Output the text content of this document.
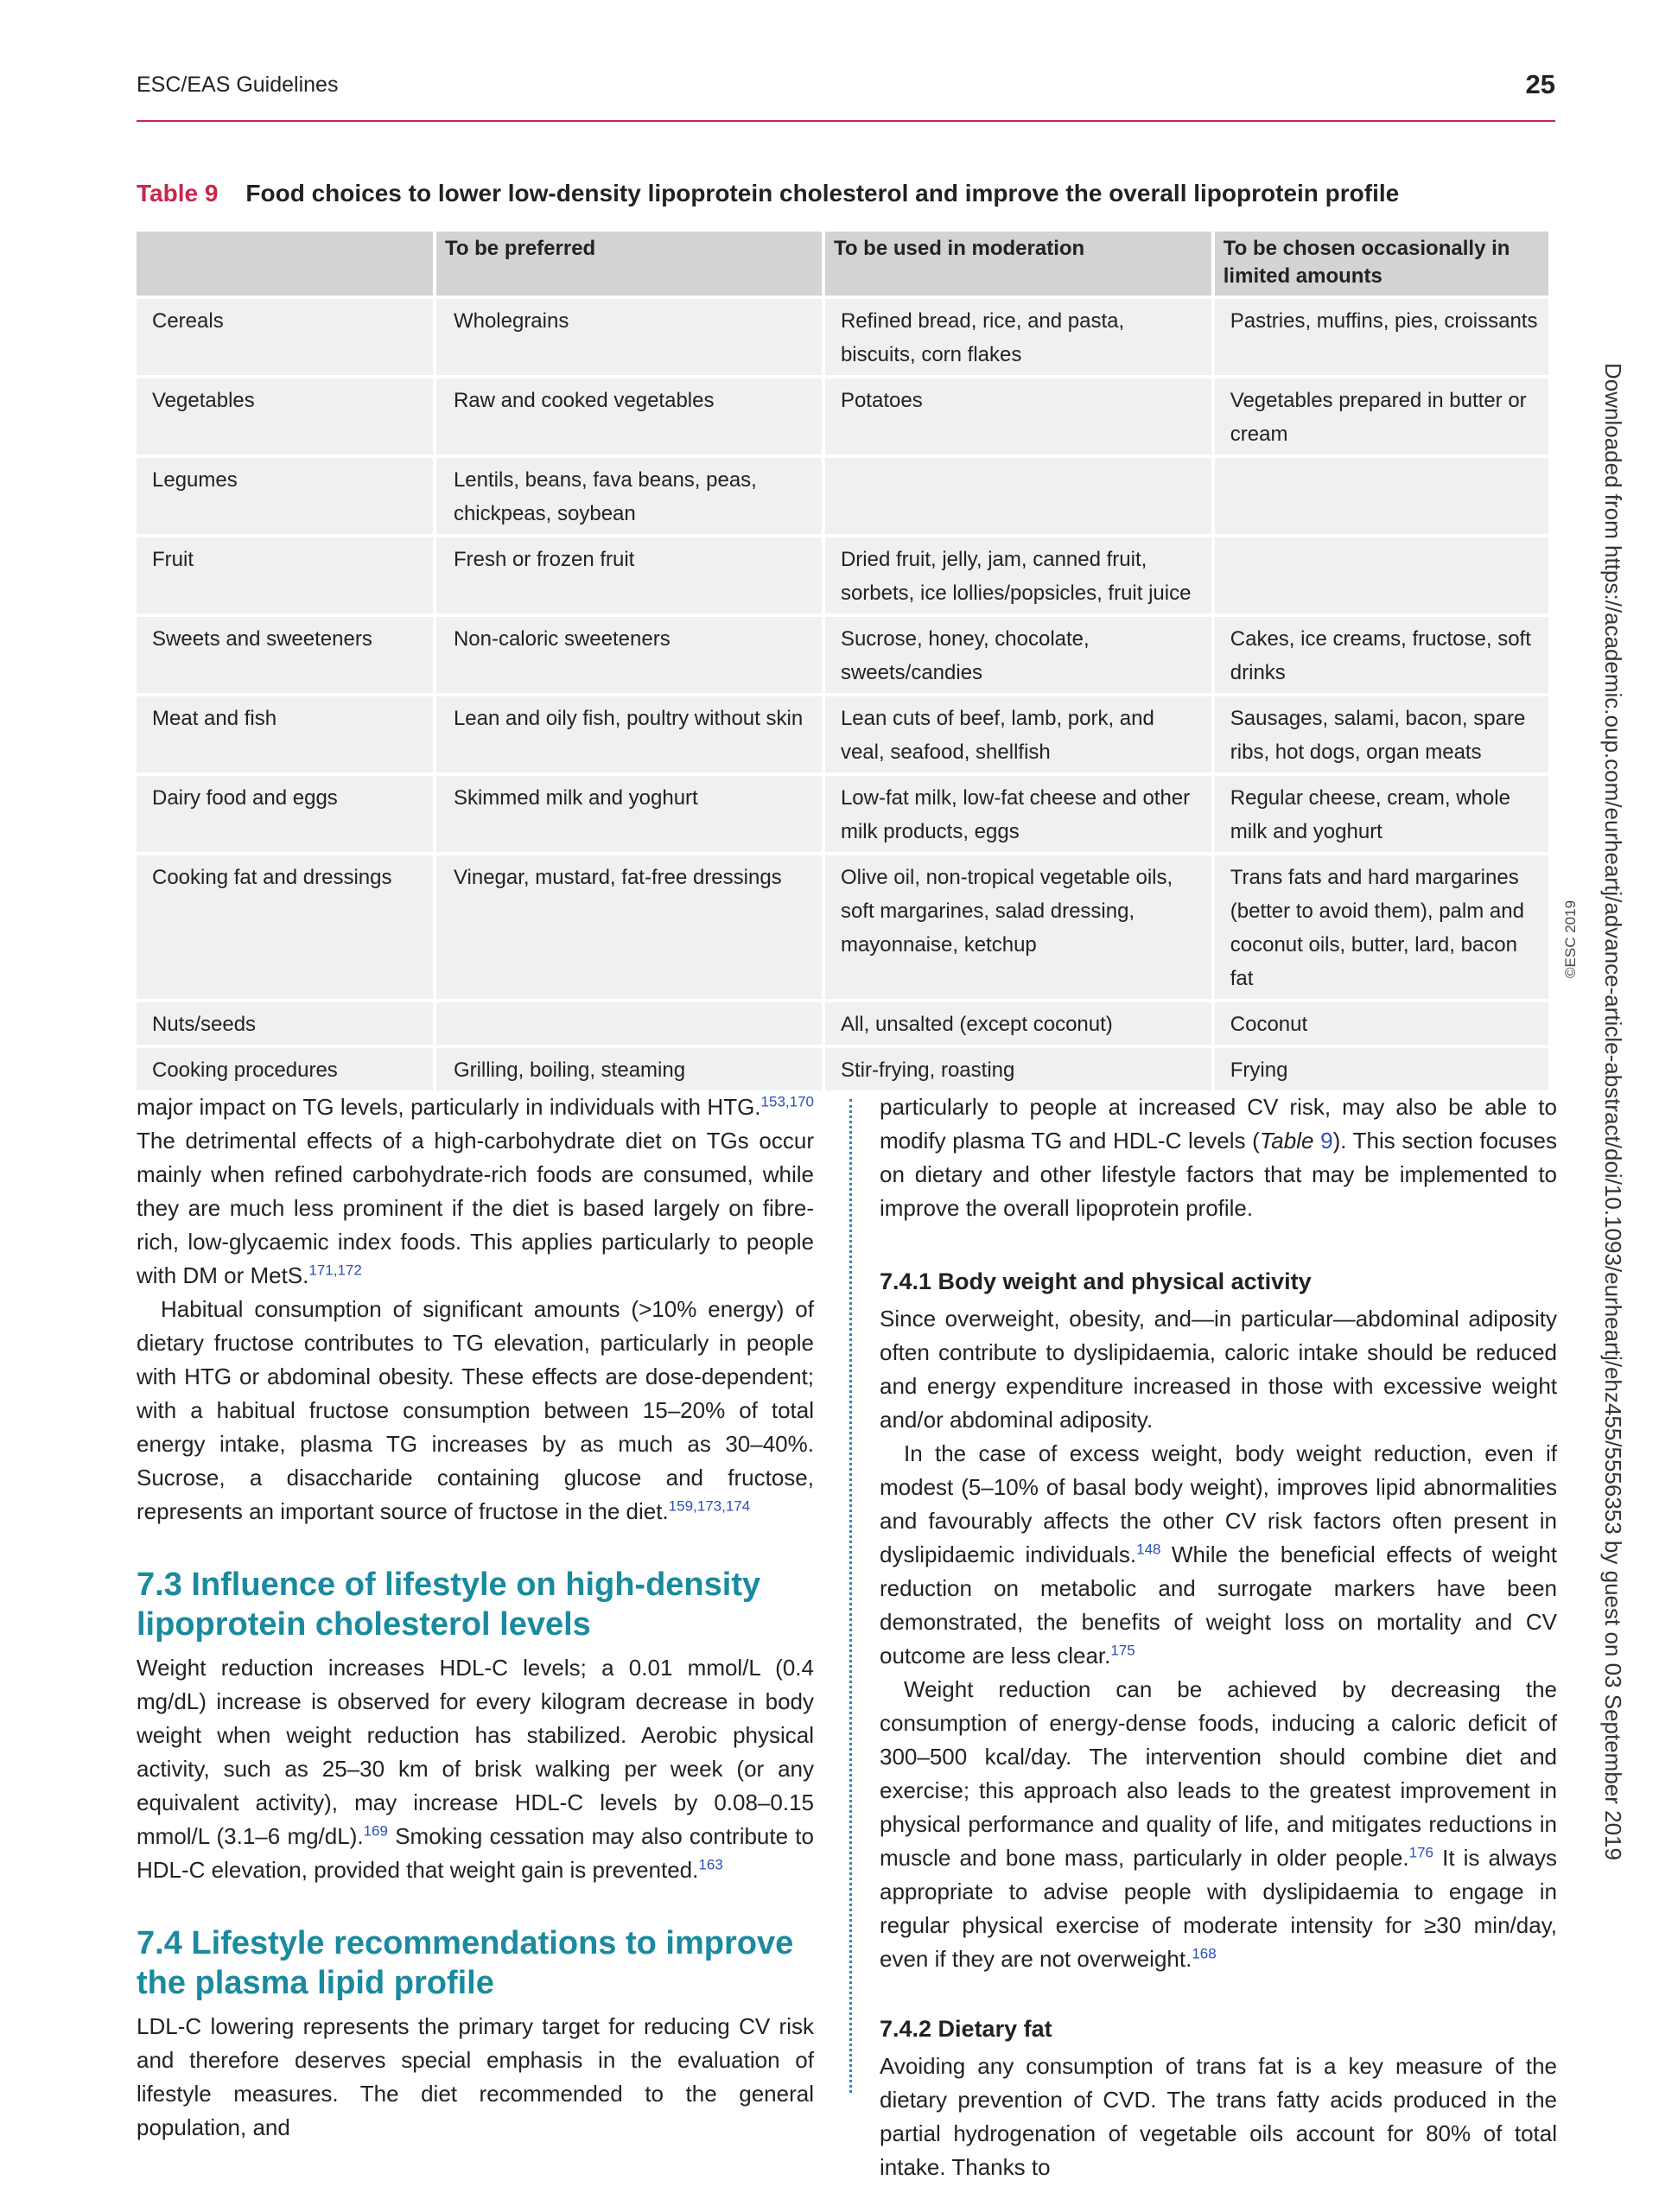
ESC/EAS Guidelines	25
Table 9 Food choices to lower low-density lipoprotein cholesterol and improve the overall lipoprotein profile
	To be preferred	To be used in moderation	To be chosen occasionally in limited amounts
Cereals	Wholegrains	Refined bread, rice, and pasta, biscuits, corn flakes	Pastries, muffins, pies, croissants
Vegetables	Raw and cooked vegetables	Potatoes	Vegetables prepared in butter or cream
Legumes	Lentils, beans, fava beans, peas, chickpeas, soybean		
Fruit	Fresh or frozen fruit	Dried fruit, jelly, jam, canned fruit, sorbets, ice lollies/popsicles, fruit juice	
Sweets and sweeteners	Non-caloric sweeteners	Sucrose, honey, chocolate, sweets/candies	Cakes, ice creams, fructose, soft drinks
Meat and fish	Lean and oily fish, poultry without skin	Lean cuts of beef, lamb, pork, and veal, seafood, shellfish	Sausages, salami, bacon, spare ribs, hot dogs, organ meats
Dairy food and eggs	Skimmed milk and yoghurt	Low-fat milk, low-fat cheese and other milk products, eggs	Regular cheese, cream, whole milk and yoghurt
Cooking fat and dressings	Vinegar, mustard, fat-free dressings	Olive oil, non-tropical vegetable oils, soft margarines, salad dressing, mayonnaise, ketchup	Trans fats and hard margarines (better to avoid them), palm and coconut oils, butter, lard, bacon fat
Nuts/seeds		All, unsalted (except coconut)	Coconut
Cooking procedures	Grilling, boiling, steaming	Stir-frying, roasting	Frying
©ESC 2019 Downloaded from https://academic.oup.com/eurheartj/advance-article-abstract/doi/10.1093/eurheartj/ehz455/5556353 by guest on 03 September 2019

major impact on TG levels, particularly in individuals with HTG.$^{153,170}$ The detrimental effects of a high-carbohydrate diet on TGs occur mainly when refined carbohydrate-rich foods are consumed, while they are much less prominent if the diet is based largely on fibre-rich, low-glycaemic index foods. This applies particularly to people with DM or MetS.$^{171,172}$

Habitual consumption of significant amounts (>10% energy) of dietary fructose contributes to TG elevation, particularly in people with HTG or abdominal obesity. These effects are dose-dependent; with a habitual fructose consumption between 15–20% of total energy intake, plasma TG increases by as much as 30–40%. Sucrose, a disaccharide containing glucose and fructose, represents an important source of fructose in the diet.$^{159,173,174}$

7.3 Influence of lifestyle on high-density lipoprotein cholesterol levels

Weight reduction increases HDL-C levels; a 0.01 mmol/L (0.4 mg/dL) increase is observed for every kilogram decrease in body weight when weight reduction has stabilized. Aerobic physical activity, such as 25–30 km of brisk walking per week (or any equivalent activity), may increase HDL-C levels by 0.08–0.15 mmol/L (3.1–6 mg/dL).$^{169}$ Smoking cessation may also contribute to HDL-C elevation, provided that weight gain is prevented.$^{163}$

7.4 Lifestyle recommendations to improve the plasma lipid profile

LDL-C lowering represents the primary target for reducing CV risk and therefore deserves special emphasis in the evaluation of lifestyle measures. The diet recommended to the general population, and

particularly to people at increased CV risk, may also be able to modify plasma TG and HDL-C levels (Table 9). This section focuses on dietary and other lifestyle factors that may be implemented to improve the overall lipoprotein profile.

7.4.1 Body weight and physical activity

Since overweight, obesity, and—in particular—abdominal adiposity often contribute to dyslipidaemia, caloric intake should be reduced and energy expenditure increased in those with excessive weight and/or abdominal adiposity.

In the case of excess weight, body weight reduction, even if modest (5–10% of basal body weight), improves lipid abnormalities and favourably affects the other CV risk factors often present in dyslipidaemic individuals.$^{148}$ While the beneficial effects of weight reduction on metabolic and surrogate markers have been demonstrated, the benefits of weight loss on mortality and CV outcome are less clear.$^{175}$

Weight reduction can be achieved by decreasing the consumption of energy-dense foods, inducing a caloric deficit of 300–500 kcal/day. The intervention should combine diet and exercise; this approach also leads to the greatest improvement in physical performance and quality of life, and mitigates reductions in muscle and bone mass, particularly in older people.$^{176}$ It is always appropriate to advise people with dyslipidaemia to engage in regular physical exercise of moderate intensity for ≥30 min/day, even if they are not overweight.$^{168}$

7.4.2 Dietary fat

Avoiding any consumption of trans fat is a key measure of the dietary prevention of CVD. The trans fatty acids produced in the partial hydrogenation of vegetable oils account for 80% of total intake. Thanks to
